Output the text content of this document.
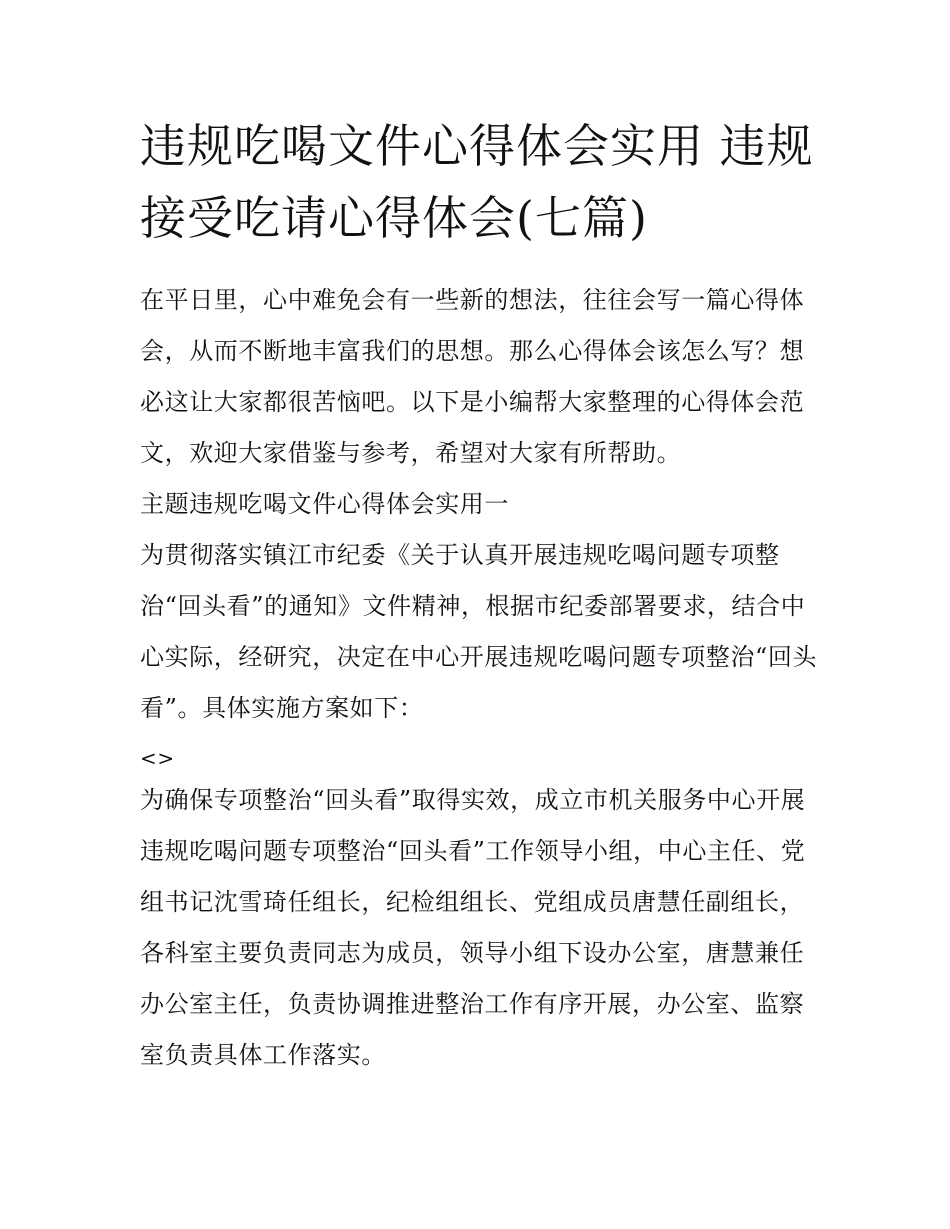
违规吃喝文件心得体会实用 违规接受吃请心得体会(七篇)

在平日里，心中难免会有一些新的想法，往往会写一篇心得体会，从而不断地丰富我们的思想。那么心得体会该怎么写？想必这让大家都很苦恼吧。以下是小编帮大家整理的心得体会范文，欢迎大家借鉴与参考，希望对大家有所帮助。

主题违规吃喝文件心得体会实用一

为贯彻落实镇江市纪委《关于认真开展违规吃喝问题专项整治“回头看”的通知》文件精神，根据市纪委部署要求，结合中心实际，经研究，决定在中心开展违规吃喝问题专项整治“回头看”。具体实施方案如下：

<>

为确保专项整治“回头看”取得实效，成立市机关服务中心开展违规吃喝问题专项整治“回头看”工作领导小组，中心主任、党组书记沈雪琦任组长，纪检组组长、党组成员唐慧任副组长，各科室主要负责同志为成员，领导小组下设办公室，唐慧兼任办公室主任，负责协调推进整治工作有序开展，办公室、监察室负责具体工作落实。
